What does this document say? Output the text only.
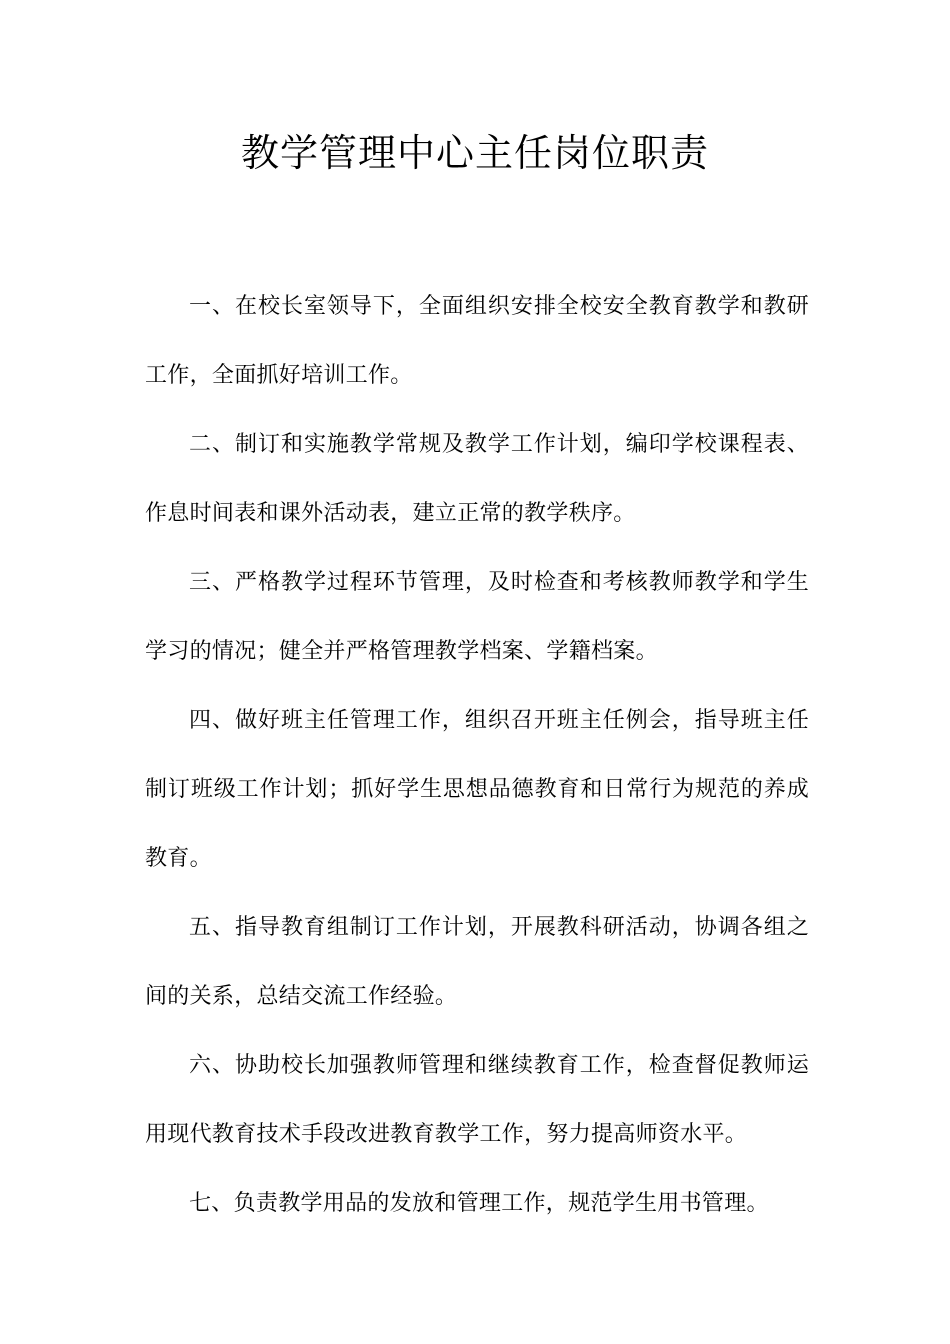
教学管理中心主任岗位职责

一、在校长室领导下，全面组织安排全校安全教育教学和教研工作，全面抓好培训工作。

二、制订和实施教学常规及教学工作计划，编印学校课程表、作息时间表和课外活动表，建立正常的教学秩序。

三、严格教学过程环节管理，及时检查和考核教师教学和学生学习的情况；健全并严格管理教学档案、学籍档案。

四、做好班主任管理工作，组织召开班主任例会，指导班主任制订班级工作计划；抓好学生思想品德教育和日常行为规范的养成教育。

五、指导教育组制订工作计划，开展教科研活动，协调各组之间的关系，总结交流工作经验。

六、协助校长加强教师管理和继续教育工作，检查督促教师运用现代教育技术手段改进教育教学工作，努力提高师资水平。

七、负责教学用品的发放和管理工作，规范学生用书管理。
